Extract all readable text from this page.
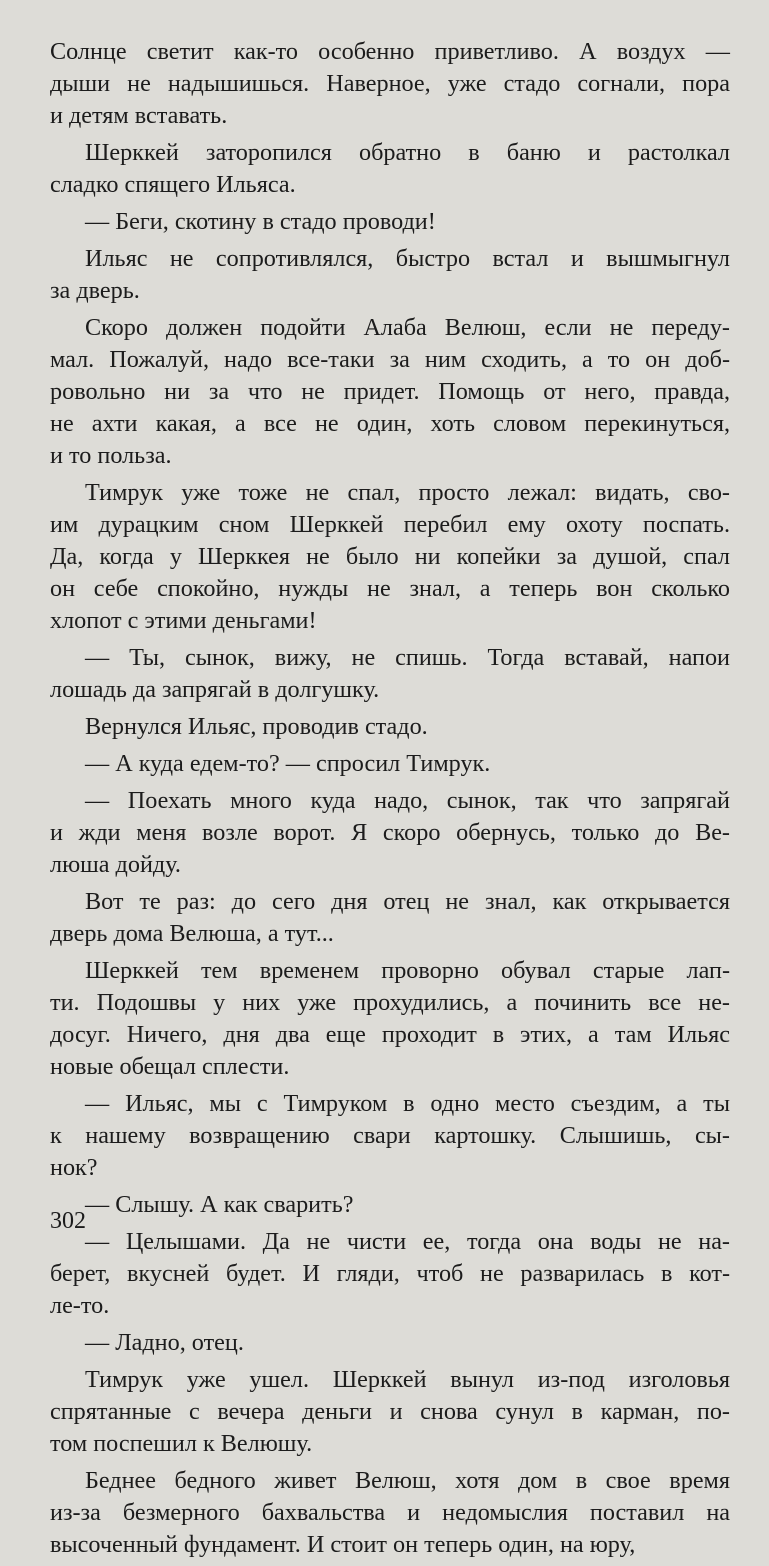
Солнце светит как-то особенно приветливо. А воздух —
дыши не надышишься. Наверное, уже стадо согнали, пора
и детям вставать.
Шерккей заторопился обратно в баню и растолкал
сладко спящего Ильяса.
— Беги, скотину в стадо проводи!
Ильяс не сопротивлялся, быстро встал и вышмыгнул
за дверь.
Скоро должен подойти Алаба Велюш, если не переду-
мал. Пожалуй, надо все-таки за ним сходить, а то он доб-
ровольно ни за что не придет. Помощь от него, правда,
не ахти какая, а все не один, хоть словом перекинуться,
и то польза.
Тимрук уже тоже не спал, просто лежал: видать, сво-
им дурацким сном Шерккей перебил ему охоту поспать.
Да, когда у Шерккея не было ни копейки за душой, спал
он себе спокойно, нужды не знал, а теперь вон сколько
хлопот с этими деньгами!
— Ты, сынок, вижу, не спишь. Тогда вставай, напои
лошадь да запрягай в долгушку.
Вернулся Ильяс, проводив стадо.
— А куда едем-то? — спросил Тимрук.
— Поехать много куда надо, сынок, так что запрягай
и жди меня возле ворот. Я скоро обернусь, только до Ве-
люша дойду.
Вот те раз: до сего дня отец не знал, как открывается
дверь дома Велюша, а тут...
Шерккей тем временем проворно обувал старые лап-
ти. Подошвы у них уже прохудились, а починить все не-
досуг. Ничего, дня два еще проходит в этих, а там Ильяс
новые обещал сплести.
— Ильяс, мы с Тимруком в одно место съездим, а ты
к нашему возвращению свари картошку. Слышишь, сы-
нок?
— Слышу. А как сварить?
— Целышами. Да не чисти ее, тогда она воды не на-
берет, вкусней будет. И гляди, чтоб не разварилась в кот-
ле-то.
— Ладно, отец.
Тимрук уже ушел. Шерккей вынул из-под изголовья
спрятанные с вечера деньги и снова сунул в карман, по-
том поспешил к Велюшу.
Беднее бедного живет Велюш, хотя дом в свое время
из-за безмерного бахвальства и недомыслия поставил на
высоченный фундамент. И стоит он теперь один, на юру,
302
